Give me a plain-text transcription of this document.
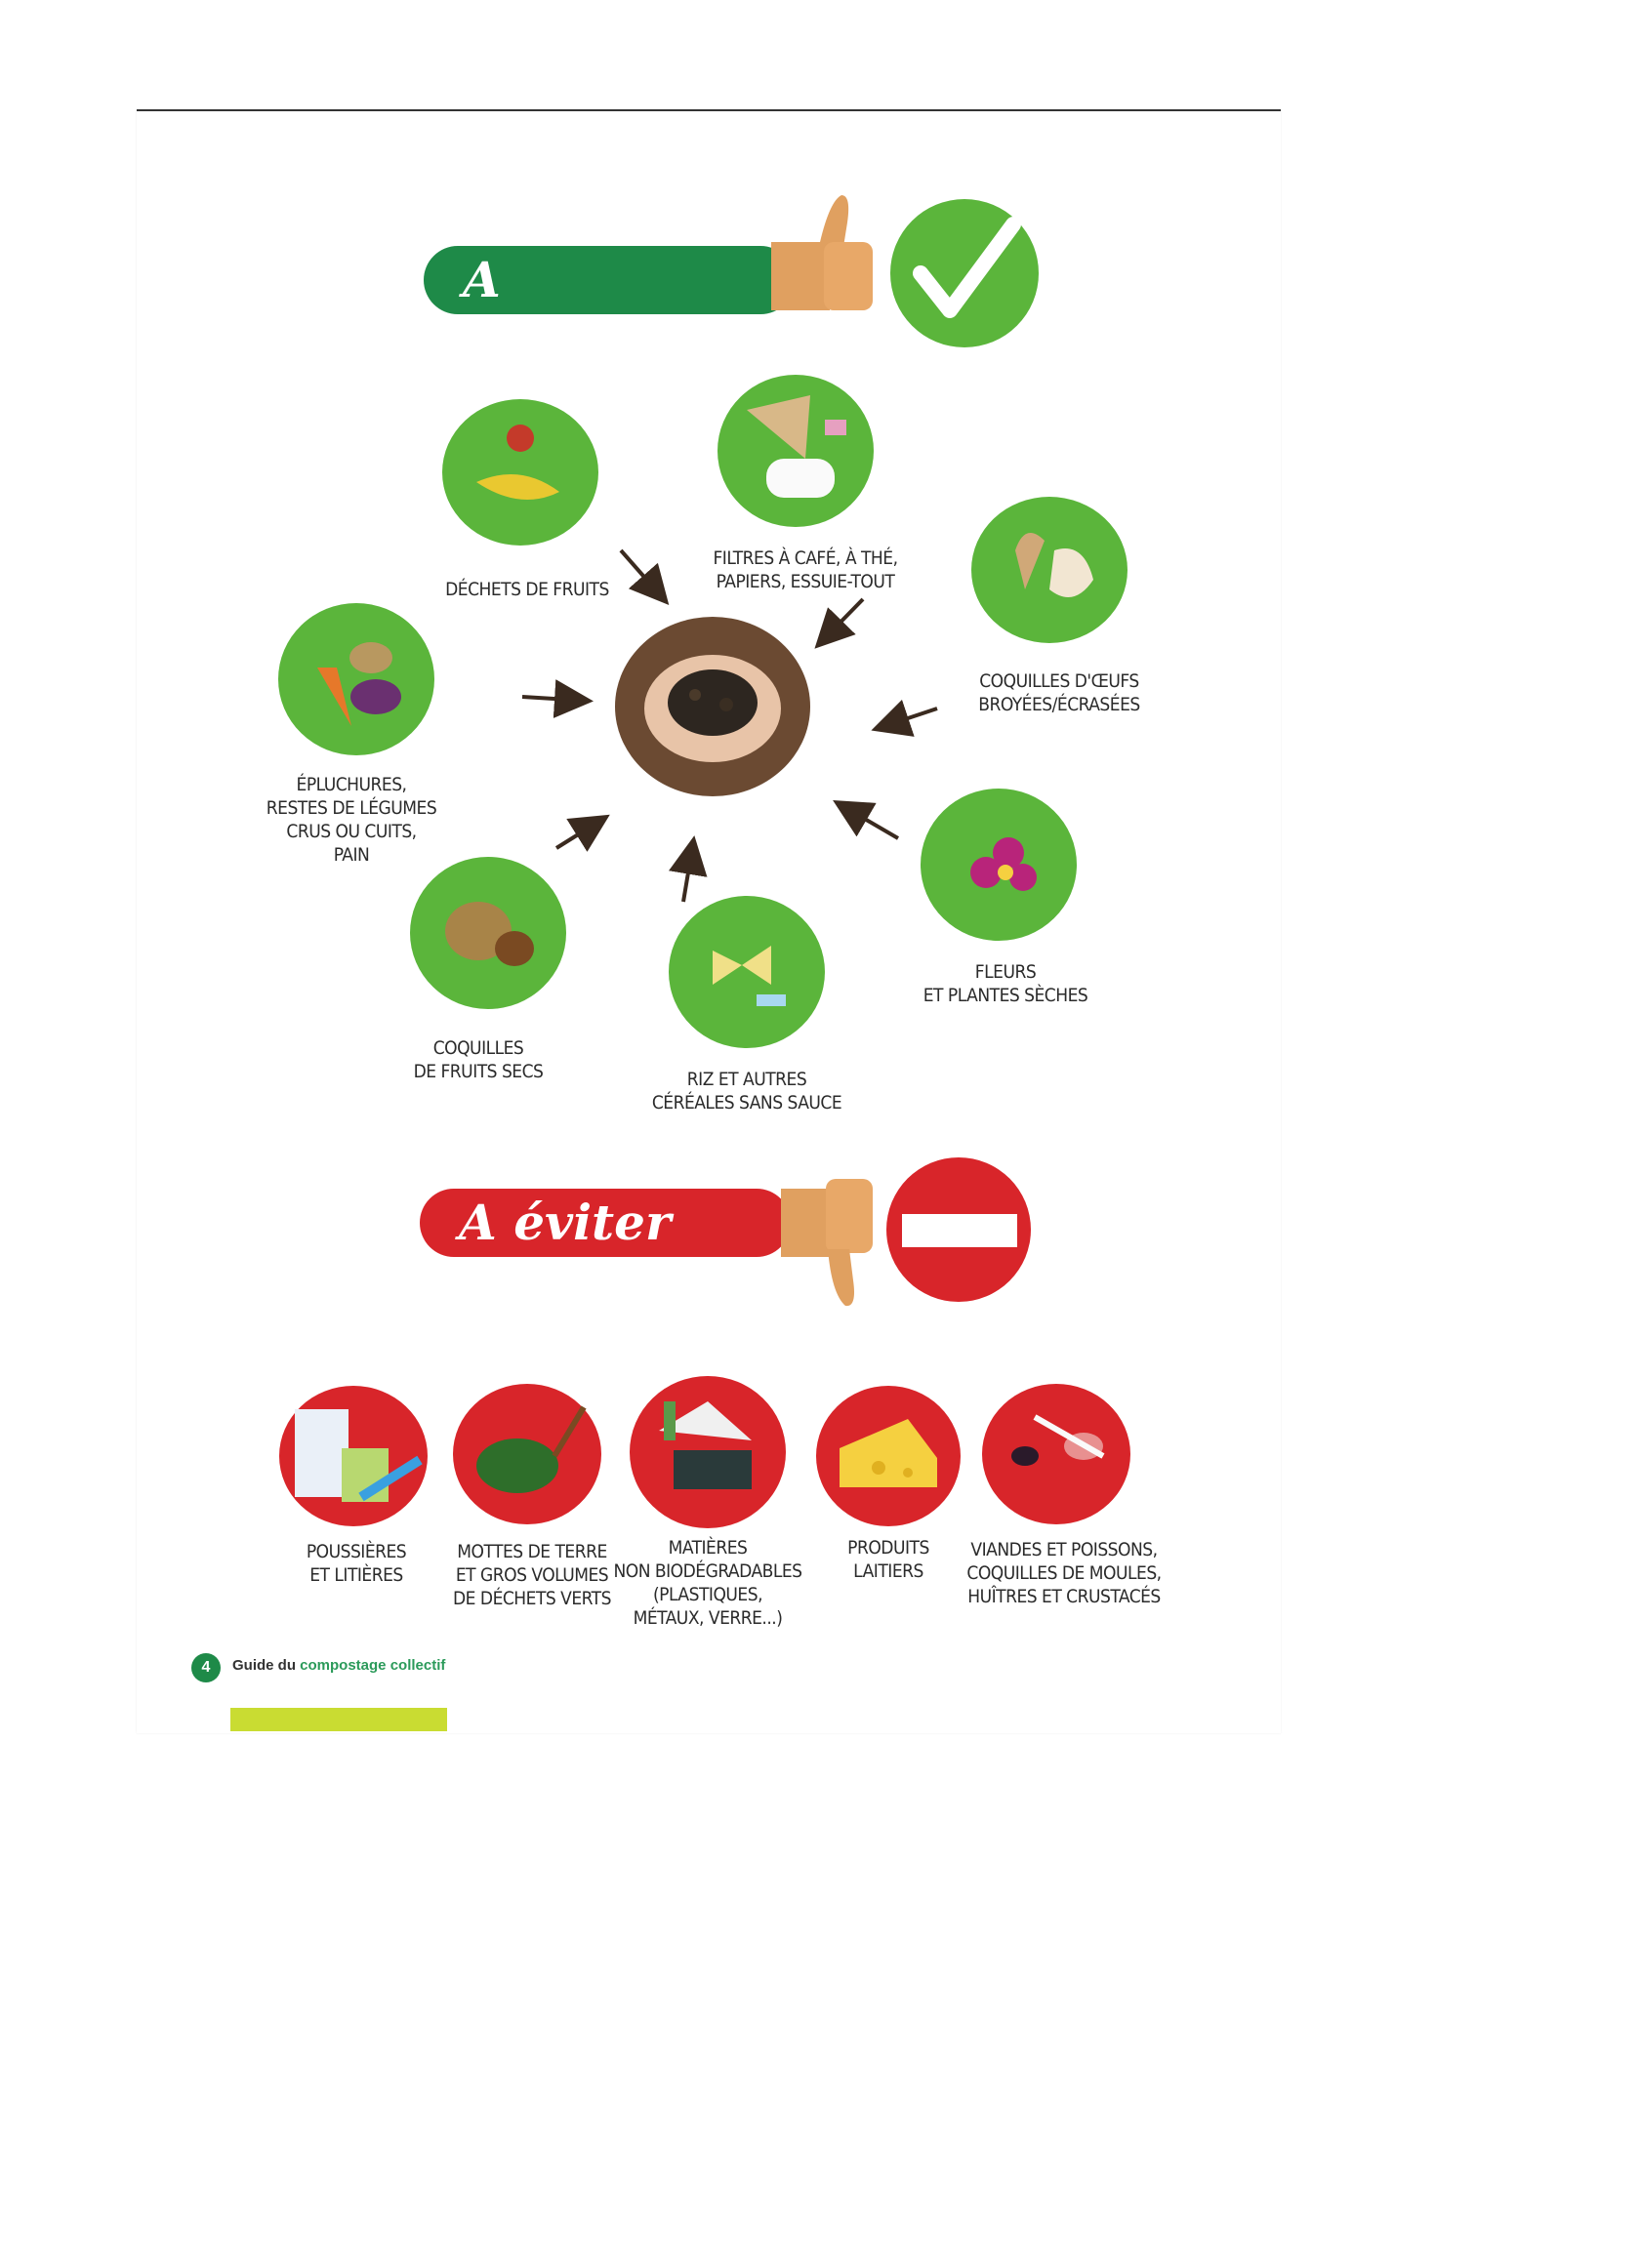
A composter
DÉCHETS DE FRUITS
FILTRES À CAFÉ, À THÉ,
PAPIERS, ESSUIE-TOUT
COQUILLES D'ŒUFS
BROYÉES/ÉCRASÉES
ÉPLUCHURES,
RESTES DE LÉGUMES
CRUS OU CUITS,
PAIN
FLEURS
ET PLANTES SÈCHES
COQUILLES
DE FRUITS SECS	RIZ ET AUTRES
CÉRÉALES SANS SAUCE
A éviter
POUSSIÈRES
ET LITIÈRES
MOTTES DE TERRE
ET GROS VOLUMES
DE DÉCHETS VERTS
MATIÈRES
NON BIODÉGRADABLES
(PLASTIQUES,
MÉTAUX, VERRE...)
PRODUITS
LAITIERS
VIANDES ET POISSONS,
COQUILLES DE MOULES,
HUÎTRES ET CRUSTACÉS
4	Guide du compostage collectif
